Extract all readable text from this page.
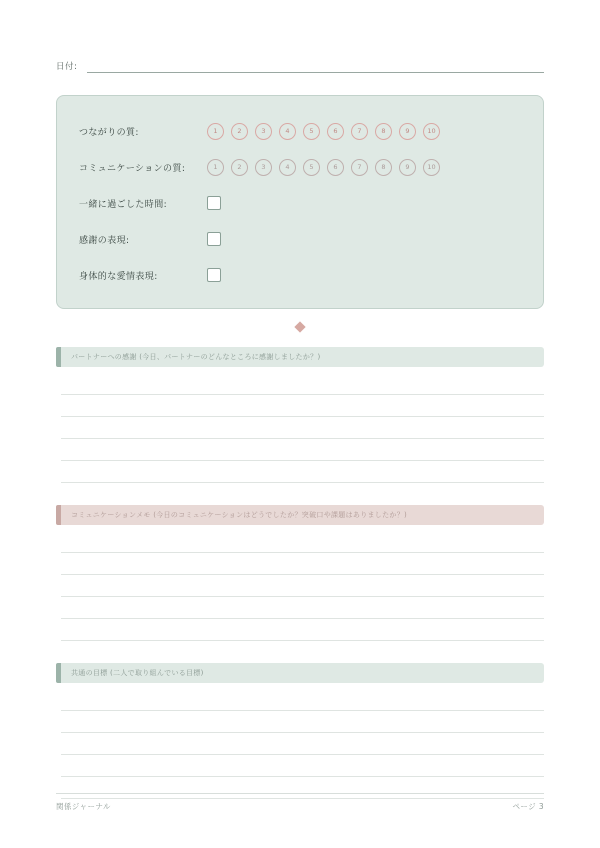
日付:
つながりの質:	1	2	3	4	5	6	7	8	9	10
コミュニケーションの質:	1	2	3	4	5	6	7	8	9	10
一緒に過ごした時間:
感謝の表現:
身体的な愛情表現:
パートナーへの感謝 (今日、パートナーのどんなところに感謝しましたか？)
コミュニケーションメモ (今日のコミュニケーションはどうでしたか？突破口や課題はありましたか？)
共通の目標 (二人で取り組んでいる目標)
関係ジャーナル	ページ 3
